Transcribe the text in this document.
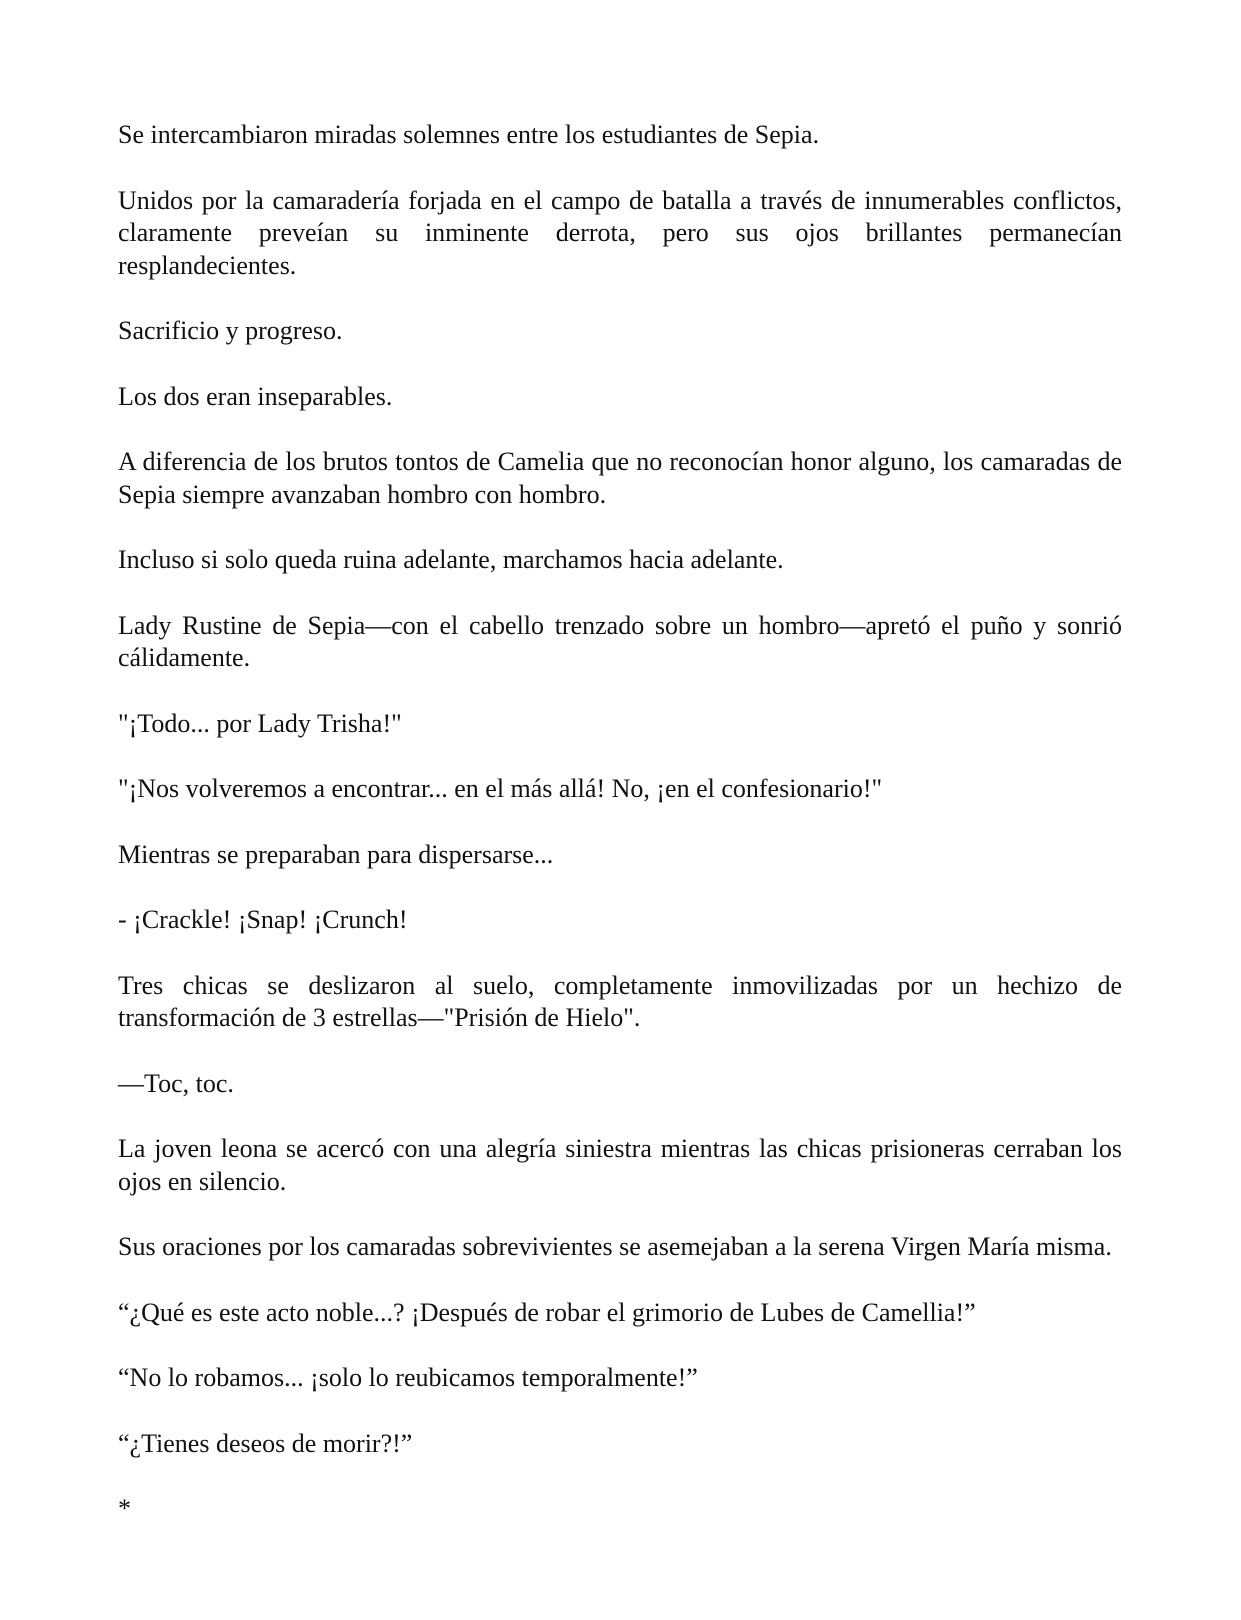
Se intercambiaron miradas solemnes entre los estudiantes de Sepia.

Unidos por la camaradería forjada en el campo de batalla a través de innumerables conflictos, claramente preveían su inminente derrota, pero sus ojos brillantes permanecían resplandecientes.

Sacrificio y progreso.

Los dos eran inseparables.

A diferencia de los brutos tontos de Camelia que no reconocían honor alguno, los camaradas de Sepia siempre avanzaban hombro con hombro.

Incluso si solo queda ruina adelante, marchamos hacia adelante.

Lady Rustine de Sepia—con el cabello trenzado sobre un hombro—apretó el puño y sonrió cálidamente.

"¡Todo... por Lady Trisha!"

"¡Nos volveremos a encontrar... en el más allá! No, ¡en el confesionario!"

Mientras se preparaban para dispersarse...

- ¡Crackle! ¡Snap! ¡Crunch!

Tres chicas se deslizaron al suelo, completamente inmovilizadas por un hechizo de transformación de 3 estrellas—"Prisión de Hielo".

—Toc, toc.

La joven leona se acercó con una alegría siniestra mientras las chicas prisioneras cerraban los ojos en silencio.

Sus oraciones por los camaradas sobrevivientes se asemejaban a la serena Virgen María misma.

“¿Qué es este acto noble...? ¡Después de robar el grimorio de Lubes de Camellia!”

“No lo robamos... ¡solo lo reubicamos temporalmente!”

“¿Tienes deseos de morir?!”

*
